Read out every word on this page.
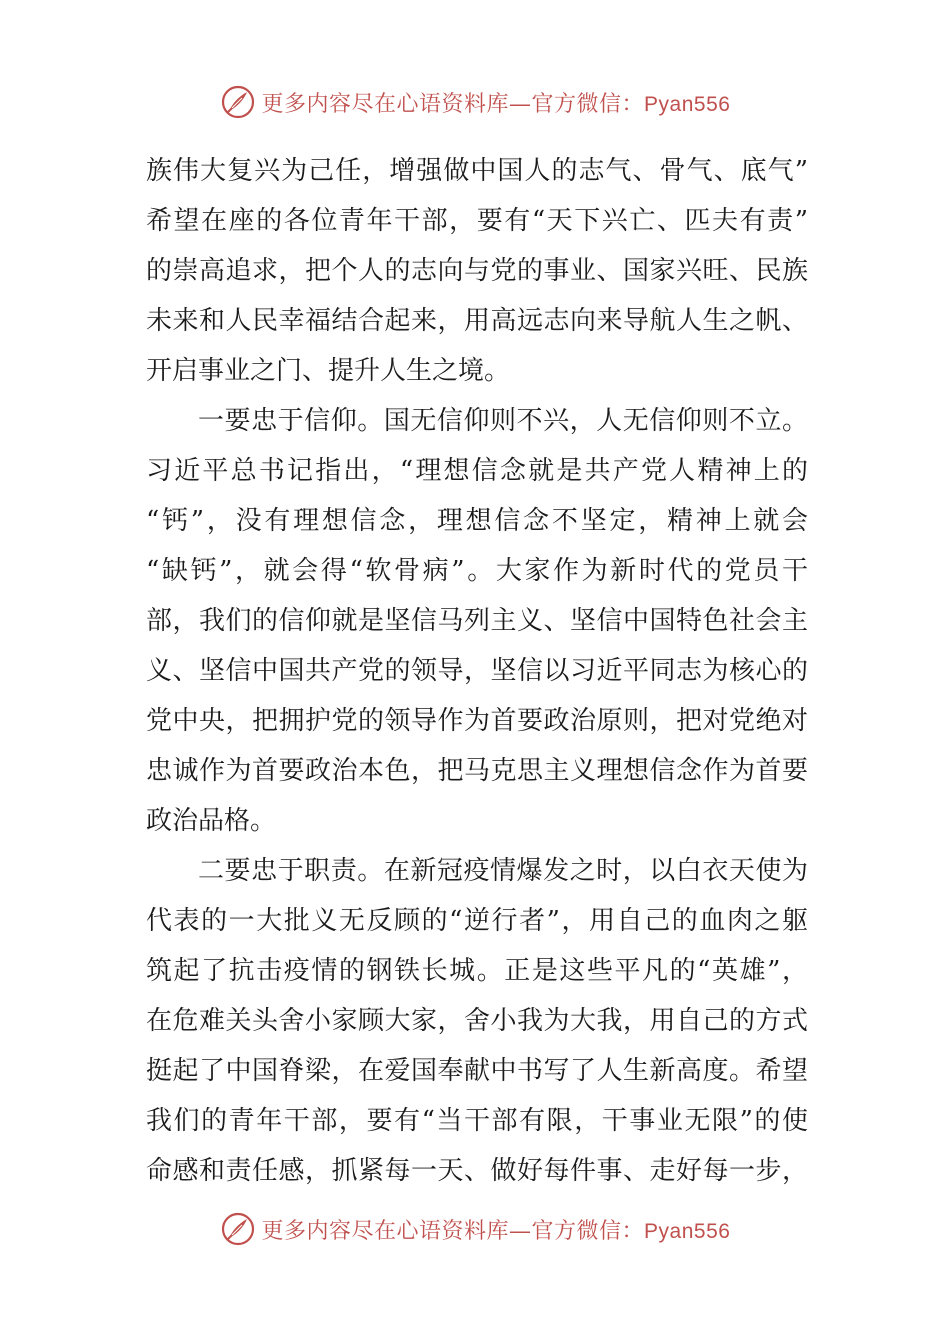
更多内容尽在心语资料库—官方微信：Pyan556
族伟大复兴为己任，增强做中国人的志气、骨气、底气”
希望在座的各位青年干部，要有“天下兴亡、匹夫有责”
的崇高追求，把个人的志向与党的事业、国家兴旺、民族
未来和人民幸福结合起来，用高远志向来导航人生之帆、
开启事业之门、提升人生之境。
一要忠于信仰。国无信仰则不兴，人无信仰则不立。
习近平总书记指出，“理想信念就是共产党人精神上的
“钙”，没有理想信念，理想信念不坚定，精神上就会
“缺钙”，就会得“软骨病”。大家作为新时代的党员干
部，我们的信仰就是坚信马列主义、坚信中国特色社会主
义、坚信中国共产党的领导，坚信以习近平同志为核心的
党中央，把拥护党的领导作为首要政治原则，把对党绝对
忠诚作为首要政治本色，把马克思主义理想信念作为首要
政治品格。
二要忠于职责。在新冠疫情爆发之时，以白衣天使为
代表的一大批义无反顾的“逆行者”，用自己的血肉之躯
筑起了抗击疫情的钢铁长城。正是这些平凡的“英雄”，
在危难关头舍小家顾大家，舍小我为大我，用自己的方式
挺起了中国脊梁，在爱国奉献中书写了人生新高度。希望
我们的青年干部，要有“当干部有限，干事业无限”的使
命感和责任感，抓紧每一天、做好每件事、走好每一步，
更多内容尽在心语资料库—官方微信：Pyan556
